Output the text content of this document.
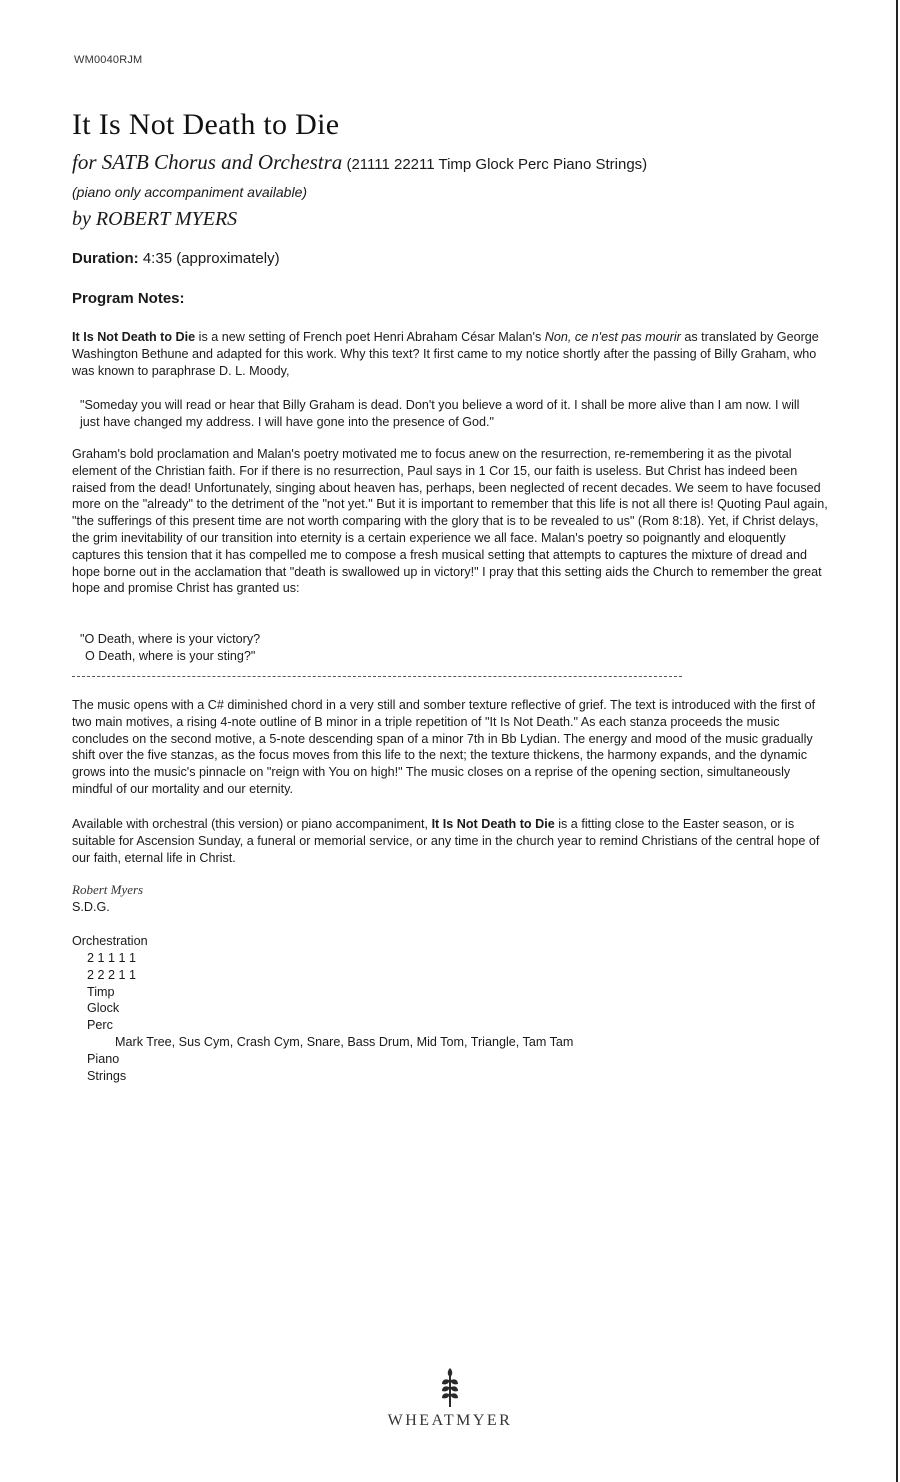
WM0040RJM
It Is Not Death to Die
for SATB Chorus and Orchestra (21111 22211 Timp Glock Perc Piano Strings)
(piano only accompaniment available)
by ROBERT MYERS
Duration: 4:35 (approximately)
Program Notes:

It Is Not Death to Die is a new setting of French poet Henri Abraham César Malan's Non, ce n'est pas mourir as translated by George Washington Bethune and adapted for this work. Why this text? It first came to my notice shortly after the passing of Billy Graham, who was known to paraphrase D. L. Moody,

"Someday you will read or hear that Billy Graham is dead. Don't you believe a word of it. I shall be more alive than I am now. I will just have changed my address. I will have gone into the presence of God."

Graham's bold proclamation and Malan's poetry motivated me to focus anew on the resurrection, re-remembering it as the pivotal element of the Christian faith. For if there is no resurrection, Paul says in 1 Cor 15, our faith is useless. But Christ has indeed been raised from the dead! Unfortunately, singing about heaven has, perhaps, been neglected of recent decades. We seem to have focused more on the "already" to the detriment of the "not yet." But it is important to remember that this life is not all there is! Quoting Paul again, "the sufferings of this present time are not worth comparing with the glory that is to be revealed to us" (Rom 8:18). Yet, if Christ delays, the grim inevitability of our transition into eternity is a certain experience we all face. Malan's poetry so poignantly and eloquently captures this tension that it has compelled me to compose a fresh musical setting that attempts to captures the mixture of dread and hope borne out in the acclamation that "death is swallowed up in victory!" I pray that this setting aids the Church to remember the great hope and promise Christ has granted us:

"O Death, where is your victory?
O Death, where is your sting?"

The music opens with a C# diminished chord in a very still and somber texture reflective of grief. The text is introduced with the first of two main motives, a rising 4-note outline of B minor in a triple repetition of "It Is Not Death." As each stanza proceeds the music concludes on the second motive, a 5-note descending span of a minor 7th in Bb Lydian. The energy and mood of the music gradually shift over the five stanzas, as the focus moves from this life to the next; the texture thickens, the harmony expands, and the dynamic grows into the music's pinnacle on "reign with You on high!" The music closes on a reprise of the opening section, simultaneously mindful of our mortality and our eternity.

Available with orchestral (this version) or piano accompaniment, It Is Not Death to Die is a fitting close to the Easter season, or is suitable for Ascension Sunday, a funeral or memorial service, or any time in the church year to remind Christians of the central hope of our faith, eternal life in Christ.

Robert Myers
S.D.G.
Orchestration
2 1 1 1 1
2 2 2 1 1
Timp
Glock
Perc
Mark Tree, Sus Cym, Crash Cym, Snare, Bass Drum, Mid Tom, Triangle, Tam Tam
Piano
Strings
WHEATMYER
